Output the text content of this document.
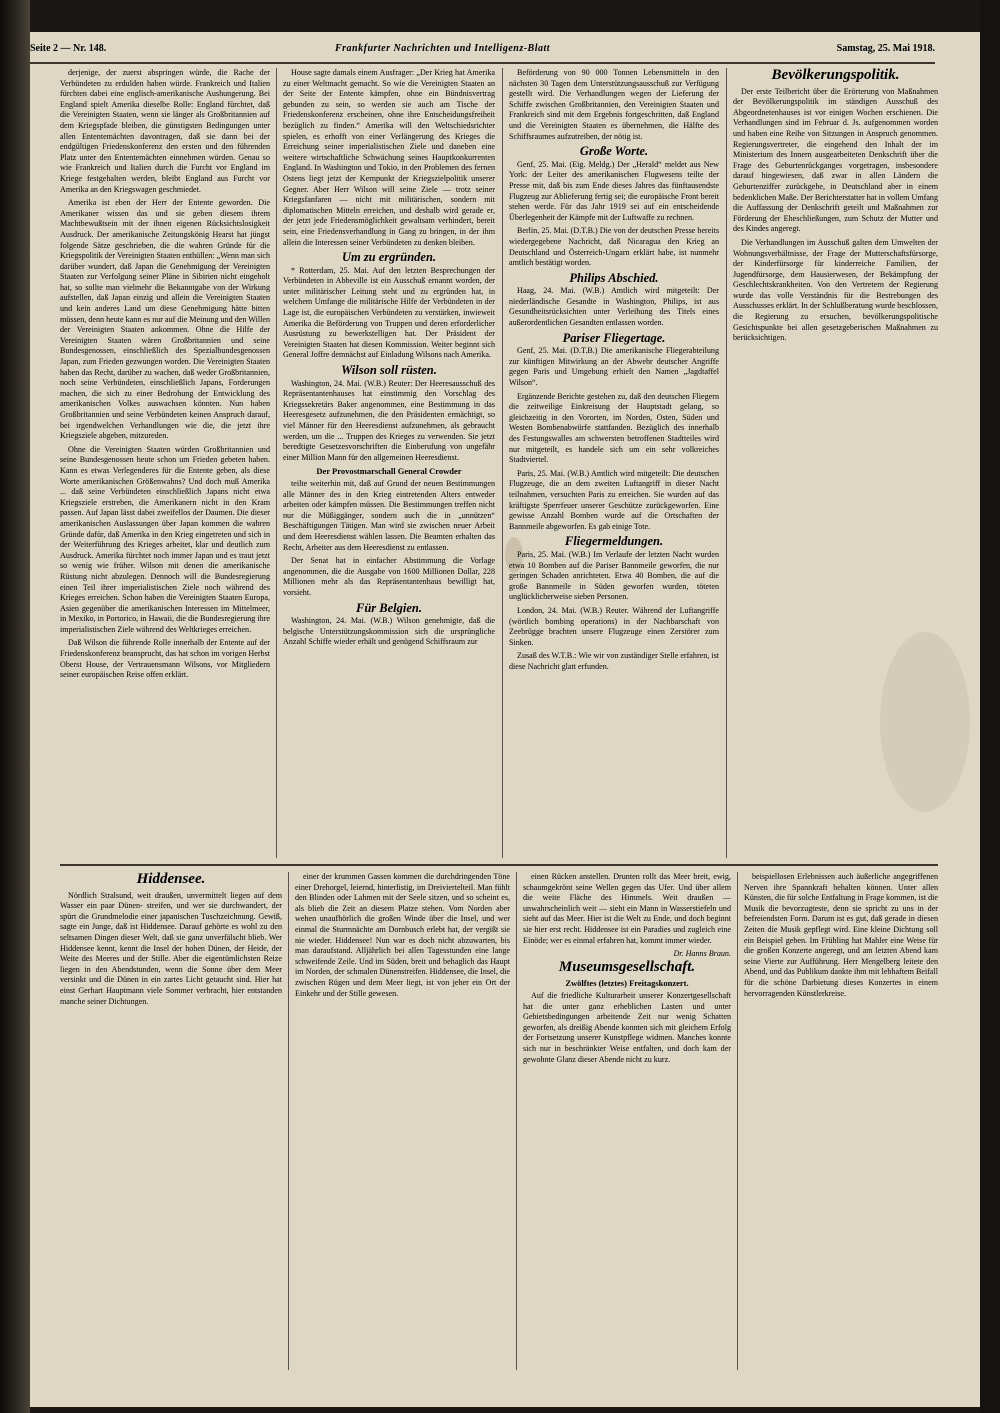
Seite 2 — Nr. 148.	Frankfurter Nachrichten und Intelligenz-Blatt	Samstag, 25. Mai 1918.

derjenige, der zuerst abspringen würde, die Rache der Verbündeten zu erdulden haben würde. Frankreich und Italien fürchten dabei eine englisch-amerikanische Aushungerung. Bei England spielt Amerika dieselbe Rolle: England fürchtet, daß die Vereinigten Staaten, wenn sie länger als Großbritannien auf dem Kriegspfade bleiben, die günstigsten Bedingungen unter allen Ententemächten davontragen, daß sie dann bei der endgültigen Friedenskonferenz den ersten und den führenden Platz unter den Ententemächten einnehmen würden. Genau so wie Frankreich und Italien durch die Furcht vor England im Kriege festgehalten werden, bleibt England aus Furcht vor Amerika an den Kriegswagen geschmiedet.

Amerika ist eben der Herr der Entente geworden. Die Amerikaner wissen das und sie geben diesem ihrem Machtbewußtsein mit der ihnen eigenen Rücksichtslosigkeit Ausdruck. Der amerikanische Zeitungskönig Hearst hat jüngst folgende Sätze geschrieben, die die wahren Gründe für die Kriegspolitik der Vereinigten Staaten enthüllen: „Wenn man sich darüber wundert, daß Japan die Genehmigung der Vereinigten Staaten zur Verfolgung seiner Pläne in Sibirien nicht eingeholt hat, so sollte man vielmehr die Bekanntgabe von der Wirkung aufstellen, daß Japan einzig und allein die Vereinigten Staaten und kein anderes Land um diese Genehmigung hätte bitten müssen, denn heute kann es nur auf die Meinung und den Willen der Vereinigten Staaten ankommen. Ohne die Hilfe der Vereinigten Staaten wären Großbritannien und seine Bundesgenossen, einschließlich des Spezialbundesgenossen Japan, zum Frieden gezwungen worden. Die Vereinigten Staaten haben das Recht, darüber zu wachen, daß weder Großbritannien, noch seine Verbündeten, einschließlich Japans, Forderungen machen, die sich zu einer Bedrohung der Entwicklung des amerikanischen Volkes auswachsen könnten. Nun haben Großbritannien und seine Verbündeten keinen Anspruch darauf, bei irgendwelchen Verhandlungen wie die, die jetzt ihre Kriegsziele abgeben, mitzureden.

Ohne die Vereinigten Staaten würden Großbritannien und seine Bundesgenossen heute schon um Frieden gebeten haben. Kann es etwas Verlegenderes für die Entente geben, als diese Worte amerikanischen Größenwahns? Und doch muß Amerika ... daß seine Verbündeten einschließlich Japans nicht etwa Kriegsziele erstreben, die Amerikanern nicht in den Kram passen. Auf Japan lässt dabei zweifellos der Daumen. Die dieser amerikanischen Auslassungen über Japan kommen die wahren Gründe dafür, daß Amerika in den Krieg eingetreten und sich in der Weiterführung des Krieges arbeitet, klar und deutlich zum Ausdruck. Amerika fürchtet noch immer Japan und es traut jetzt so wenig wie früher. Wilson mit denen die amerikanische Rüstung nicht abzulegen. Dennoch will die Bundesregierung einen Teil ihrer imperialistischen Ziele noch während des Krieges erreichen. Schon haben die Vereinigten Staaten Europa, Asien gegenüber die amerikanischen Interessen im Mittelmeer, in Mexiko, in Portorico, in Hawaii, die die Bundesregierung ihre imperialistischen Ziele während des Weltkrieges erreichen.

Daß Wilson die führende Rolle innerhalb der Entente auf der Friedenskonferenz beansprucht, das hat schon im vorigen Herbst Oberst House, der Vertrauensmann Wilsons, vor Mitgliedern seiner europäischen Reise offen erklärt.

House sagte damals einem Ausfrager: „Der Krieg hat Amerika zu einer Weltmacht gemacht. So wie die Vereinigten Staaten an der Seite der Entente kämpfen, ohne ein Bündnisvertrag gebunden zu sein, so werden sie auch am Tische der Friedenskonferenz erscheinen, ohne ihre Entscheidungsfreiheit bezüglich zu finden.“ Amerika will den Weltschiedsrichter spielen, es erhofft von einer Verlängerung des Krieges die Erreichung seiner imperialistischen Ziele und daneben eine weitere wirtschaftliche Schwächung seines Hauptkonkurrenten England. In Washington und Tokio, in den Problemen des fernen Ostens liegt jetzt der Kernpunkt der Kriegszielpolitik unserer Gegner. Aber Herr Wilson will seine Ziele — trotz seiner Kriegsfanfaren — nicht mit militärischen, sondern mit diplomatischen Mitteln erreichen, und deshalb wird gerade er, der jetzt jede Friedensmöglichkeit gewaltsam verhindert, bereit sein, eine Friedensverhandlung in Gang zu bringen, in der ihm allein die Interessen seiner Verbündeten zu denken bleiben.

Um zu ergründen.

* Rotterdam, 25. Mai. Auf den letzten Besprechungen der Verbündeten in Abbeville ist ein Ausschuß ernannt worden, der unter militärischer Leitung steht und zu ergründen hat, in welchem Umfange die militärische Hilfe der Verbündeten in der Lage ist, die europäischen Verbündeten zu verstärken, inwieweit Amerika die Beförderung von Truppen und deren erforderlicher Ausrüstung zu bewerkstelligen hat. Der Präsident der Vereinigten Staaten hat diesen Kommission. Weiter beginnt sich General Joffre demnächst auf Einladung Wilsons nach Amerika.

Wilson soll rüsten.

Washington, 24. Mai. (W.B.) Reuter: Der Heeresausschuß des Repräsentantenhauses hat einstimmig den Vorschlag des Kriegssekretärs Baker angenommen, eine Bestimmung in das Heeresgesetz aufzunehmen, die den Präsidenten ermächtigt, so viel Männer für den Heeresdienst aufzunehmen, als gebraucht werden, um die ... Truppen des Krieges zu verwenden. Sie jetzt beredtigte Gesetzesvorschriften die Einberufung von ungefähr einer Million Mann für den allgemeinen Heeresdienst.

Der Provostmarschall General Crowder

teilte weiterhin mit, daß auf Grund der neuen Bestimmungen alle Männer des in den Krieg eintretenden Alters entweder arbeiten oder kämpfen müssen. Die Bestimmungen treffen nicht nur die Müßiggänger, sondern auch die in „unnützen“ Beschäftigungen Tätigen. Man wird sie zwischen neuer Arbeit und dem Heeresdienst wählen lassen. Die Beamten erhalten das Recht, Arbeiter aus dem Heeresdienst zu entlassen.

Der Senat hat in einfacher Abstimmung die Vorlage angenommen, die die Ausgabe von 1600 Millionen Dollar, 228 Millionen mehr als das Repräsentantenhaus bewilligt hat, vorsieht.

Für Belgien.

Washington, 24. Mai. (W.B.) Wilson genehmigte, daß die belgische Unterstützungskommission sich die ursprüngliche Anzahl Schiffe wieder erhält und genügend Schiffsraum zur

Beförderung von 90 000 Tonnen Lebensmitteln in den nächsten 30 Tagen dem Unterstützungsausschuß zur Verfügung gestellt wird. Die Verhandlungen wegen der Lieferung der Schiffe zwischen Großbritannien, den Vereinigten Staaten und Frankreich sind mit dem Ergebnis fortgeschritten, daß England und die Vereinigten Staaten es übernehmen, die Hälfte des Schiffsraumes aufzutreiben, der nötig ist.

Große Worte.

Genf, 25. Mai. (Eig. Meldg.) Der „Herald“ meldet aus New York: der Leiter des amerikanischen Flugwesens teilte der Presse mit, daß bis zum Ende dieses Jahres das fünftausendste Flugzeug zur Ablieferung fertig sei; die europäische Front bereit stehen werde. Für das Jahr 1919 sei auf ein entscheidende Überlegenheit der Kämpfe mit der Luftwaffe zu rechnen.

Berlin, 25. Mai. (D.T.B.) Die von der deutschen Presse bereits wiedergegebene Nachricht, daß Nicaragua den Krieg an Deutschland und Österreich-Ungarn erklärt habe, ist nunmehr amtlich bestätigt worden.

Philips Abschied.

Haag, 24. Mai. (W.B.) Amtlich wird mitgeteilt: Der niederländische Gesandte in Washington, Philips, ist aus Gesundheitsrücksichten unter Verleihung des Titels eines außerordentlichen Gesandten entlassen worden.

Pariser Fliegertage.

Genf, 25. Mai. (D.T.B.) Die amerikanische Fliegerabteilung zur künftigen Mitwirkung an der Abwehr deutscher Angriffe gegen Paris und Umgebung erhielt den Namen „Jagdtaffel Wilson“.

Ergänzende Berichte gestehen zu, daß den deutschen Fliegern die zeitweilige Einkreisung der Hauptstadt gelang, so gleichzeitig in den Vororten, im Norden, Osten, Süden und Westen Bombenabwürfe stattfanden. Bezüglich des innerhalb des Festungswalles am schwersten betroffenen Stadtteiles wird nur mitgeteilt, es handele sich um ein sehr volkreiches Stadtviertel.

Paris, 25. Mai. (W.B.) Amtlich wird mitgeteilt: Die deutschen Flugzeuge, die an dem zweiten Luftangriff in dieser Nacht teilnahmen, versuchten Paris zu erreichen. Sie wurden auf das kräftigste Sperrfeuer unserer Geschütze zurückgeworfen. Eine gewisse Anzahl Bomben wurde auf die Ortschaften der Bannmeile abgeworfen. Es gab einige Tote.

Fliegermeldungen.

Paris, 25. Mai. (W.B.) Im Verlaufe der letzten Nacht wurden etwa 10 Bomben auf die Pariser Bannmeile geworfen, die nur geringen Schaden anrichteten. Etwa 40 Bomben, die auf die große Bannmeile in Süden geworfen wurden, töteten unglücklicherweise sieben Personen.

London, 24. Mai. (W.B.) Reuter. Während der Luftangriffe (wörtlich bombing operations) in der Nachbarschaft von Zeebrügge brachten unsere Flugzeuge einen Zerstörer zum Sinken.

Zusaß des W.T.B.: Wie wir von zuständiger Stelle erfahren, ist diese Nachricht glatt erfunden.

Bevölkerungspolitik.

Der erste Teilbericht über die Erörterung von Maßnahmen der Bevölkerungspolitik im ständigen Ausschuß des Abgeordnetenhauses ist vor einigen Wochen erschienen. Die Verhandlungen sind im Februar d. Js. aufgenommen worden und haben eine Reihe von Sitzungen in Anspruch genommen. Regierungsvertreter, die eingehend den Inhalt der im Ministerium des Innern ausgearbeiteten Denkschrift über die Frage des Geburtenrückganges vorgetragen, insbesondere darauf hingewiesen, daß zwar in allen Ländern die Geburtenziffer zurückgehe, in Deutschland aber in einem bedenklichen Maße. Der Berichterstatter hat in vollem Umfang die Auffassung der Denkschrift geteilt und Maßnahmen zur Förderung der Eheschließungen, zum Schutz der Mutter und des Kindes angeregt.

Die Verhandlungen im Ausschuß galten dem Umwelten der Wohnungsverhältnisse, der Frage der Mutterschaftsfürsorge, der Kinderfürsorge für kinderreiche Familien, der Jugendfürsorge, dem Hausierwesen, der Bekämpfung der Geschlechtskrankheiten. Von den Vertretern der Regierung wurde das volle Verständnis für die Bestrebungen des Ausschusses erklärt. In der Schlußberatung wurde beschlossen, die Regierung zu ersuchen, bevölkerungspolitische Gesichtspunkte bei allen gesetzgeberischen Maßnahmen zu berücksichtigen.

Hiddensee.

Nördlich Stralsund, weit draußen, unvermittelt liegen auf dem Wasser ein paar Dünen- streifen, und wer sie durchwandert, der spürt die Grundmelodie einer japanischen Tuschzeichnung. Gewiß, sagte ein Junge, daß ist Hiddensee. Darauf gehörte es wohl zu den seltsamen Dingen dieser Welt, daß sie ganz unverfälscht blieb. Wer Hiddensee kennt, kennt die Insel der hohen Dünen, der Heide, der Weite des Meeres und der Stille. Aber die eigentümlichsten Reize liegen in den Abendstunden, wenn die Sonne über dem Meer versinkt und die Dünen in ein zartes Licht getaucht sind. Hier hat einst Gerhart Hauptmann viele Sommer verbracht, hier entstanden manche seiner Dichtungen.

einer der krummen Gassen kommen die durchdringenden Töne einer Drehorgel, leiernd, hinterlistig, im Dreiviertelteil. Man fühlt den Blinden oder Lahmen mit der Seele sitzen, und so scheint es, als blieb die Zeit an diesem Platze stehen. Vom Norden aber wehen unaufhörlich die großen Winde über die Insel, und wer einmal die Sturmnächte am Dornbusch erlebt hat, der vergißt sie nie wieder. Hiddensee! Nun war es doch nicht abzuwarten, bis man daraufstand. Alljährlich bei allen Tagesstunden eine lange schweifende Zeile. Und im Süden, breit und behaglich das Haupt im Norden, der schmalen Dünenstreifen. Hiddensee, die Insel, die zwischen Rügen und dem Meer liegt, ist von jeher ein Ort der Einkehr und der Stille gewesen.

einen Rücken anstellen. Drunten rollt das Meer breit, ewig, schaumgekrönt seine Wellen gegen das Ufer. Und über allem die weite Fläche des Himmels. Weit draußen — unwahrscheinlich weit — sieht ein Mann in Wasserstiefeln und sieht auf das Meer. Hier ist die Welt zu Ende, und doch beginnt sie hier erst recht. Hiddensee ist ein Paradies und zugleich eine Einöde; wer es einmal erfahren hat, kommt immer wieder.

Dr. Hanns Braun.
Museumsgesellschaft.
Zwölftes (letztes) Freitagskonzert.

Auf die friedliche Kulturarbeit unserer Konzertgesellschaft hat die unter ganz erheblichen Lasten und unter Gebietsbedingungen arbeitende Zeit nur wenig Schatten geworfen, als dreißig Abende konnten sich mit gleichem Erfolg der Fortsetzung unserer Kunstpflege widmen. Manches konnte sich nur in beschränkter Weise entfalten, und doch kam der gewohnte Glanz dieser Abende nicht zu kurz.

beispiellosen Erlebnissen auch äußerliche angegriffenen Nerven ihre Spannkraft behalten können. Unter allen Künsten, die für solche Entfaltung in Frage kommen, ist die Musik die bevorzugteste, denn sie spricht zu uns in der befreiendsten Form. Darum ist es gut, daß gerade in diesen Zeiten die Musik gepflegt wird. Eine kleine Dichtung soll ein Beispiel geben. Im Frühling hat Mahler eine Weise für die großen Konzerte angeregt, und am letzten Abend kam seine Vierte zur Aufführung. Herr Mengelberg leitete den Abend, und das Publikum dankte ihm mit lebhaftem Beifall für die schöne Darbietung dieses Konzertes in einem hervorragenden Künstlerkreise.
